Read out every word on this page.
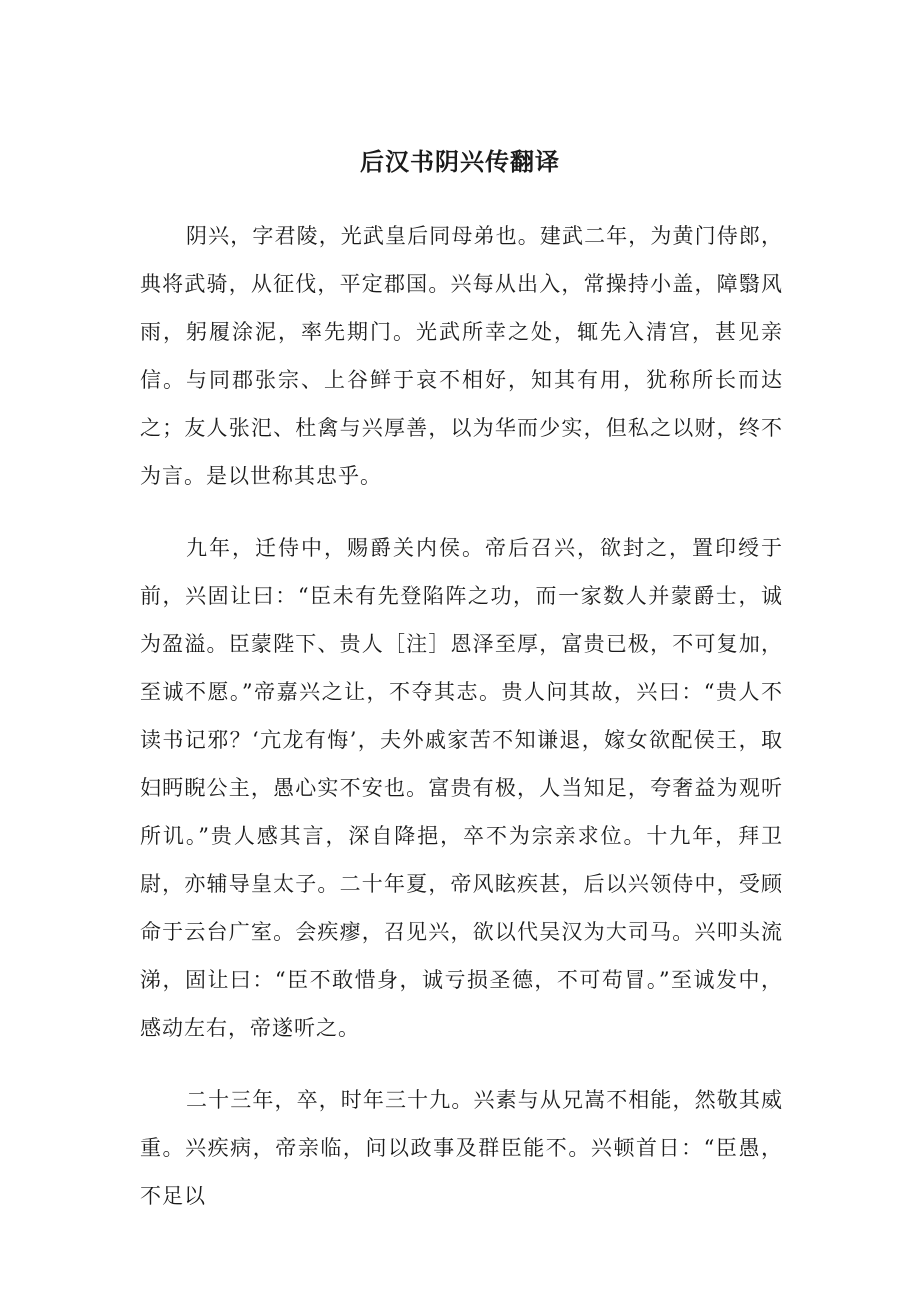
后汉书阴兴传翻译

阴兴，字君陵，光武皇后同母弟也。建武二年，为黄门侍郎，典将武骑，从征伐，平定郡国。兴每从出入，常操持小盖，障翳风雨，躬履涂泥，率先期门。光武所幸之处，辄先入清宫，甚见亲信。与同郡张宗、上谷鲜于哀不相好，知其有用，犹称所长而达之；友人张汜、杜禽与兴厚善，以为华而少实，但私之以财，终不为言。是以世称其忠乎。

九年，迁侍中，赐爵关内侯。帝后召兴，欲封之，置印绶于前，兴固让曰：“臣未有先登陷阵之功，而一家数人并蒙爵士，诚为盈溢。臣蒙陛下、贵人［注］恩泽至厚，富贵已极，不可复加，至诚不愿。”帝嘉兴之让，不夺其志。贵人问其故，兴曰：“贵人不读书记邪？‘亢龙有悔’，夫外戚家苦不知谦退，嫁女欲配侯王，取妇眄睨公主，愚心实不安也。富贵有极，人当知足，夸奢益为观听所讥。”贵人感其言，深自降挹，卒不为宗亲求位。十九年，拜卫尉，亦辅导皇太子。二十年夏，帝风眩疾甚，后以兴领侍中，受顾命于云台广室。会疾瘳，召见兴，欲以代吴汉为大司马。兴叩头流涕，固让曰：“臣不敢惜身，诚亏损圣德，不可苟冒。”至诚发中，感动左右，帝遂听之。

二十三年，卒，时年三十九。兴素与从兄嵩不相能，然敬其威重。兴疾病，帝亲临，问以政事及群臣能不。兴顿首日：“臣愚，不足以
